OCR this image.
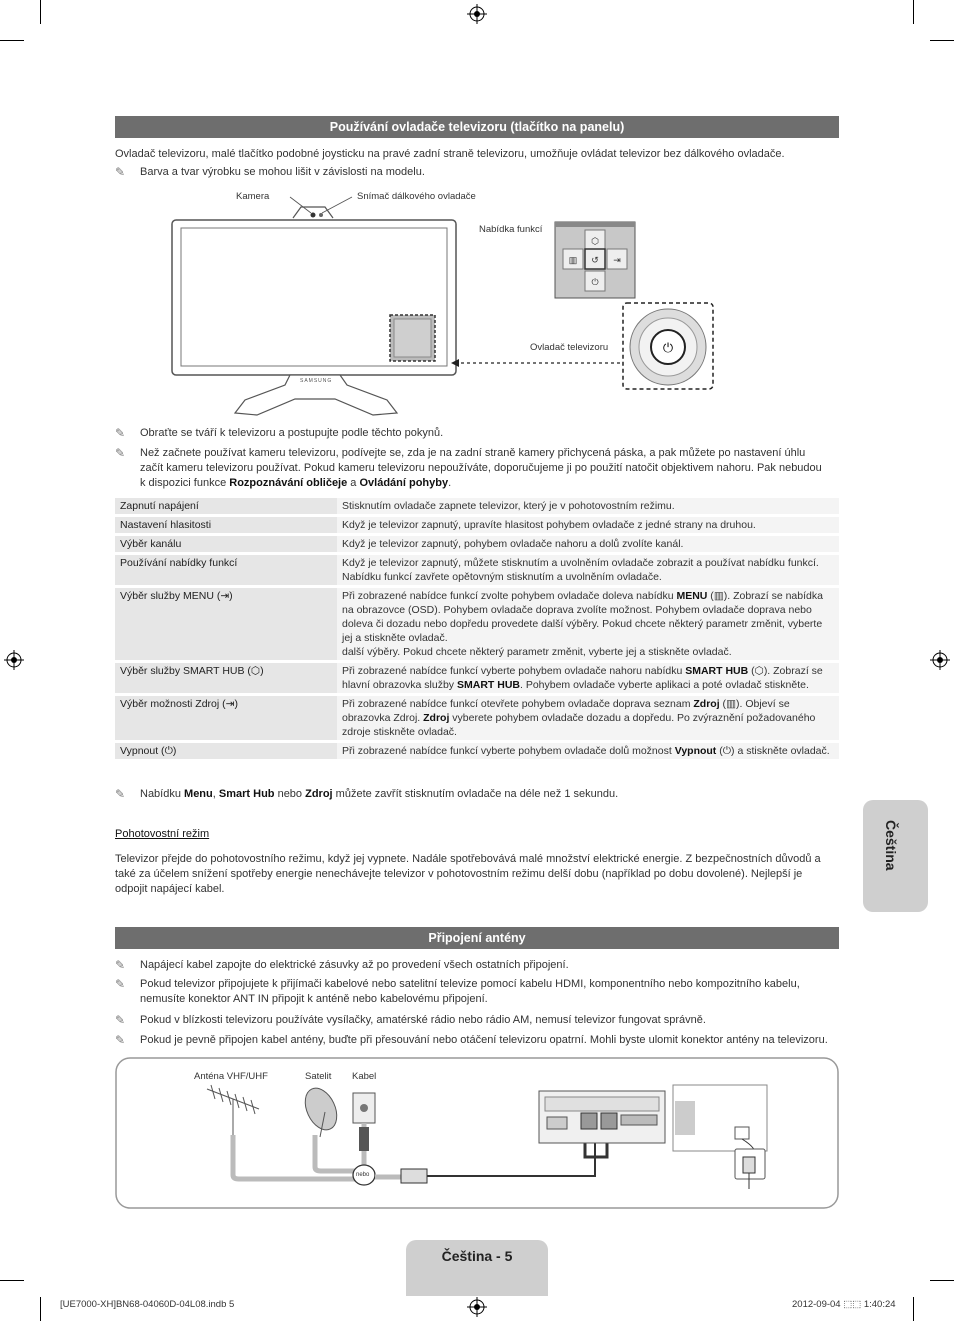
Používání ovladače televizoru (tlačítko na panelu)
Ovladač televizoru, malé tlačítko podobné joysticku na pravé zadní straně televizoru, umožňuje ovládat televizor bez dálkového ovladače.
✎	Barva a tvar výrobku se mohou lišit v závislosti na modelu.
⬡
▥ ↺ ⇥
⏻
⏻
Kamera	Snímač dálkového ovladače
Nabídka funkcí
Ovladač televizoru
SAMSUNG
✎	Obraťte se tváří k televizoru a postupujte podle těchto pokynů.
✎	Než začnete používat kameru televizoru, podívejte se, zda je na zadní straně kamery přichycená páska, a pak můžete po nastavení úhlu začít kameru televizoru používat. Pokud kameru televizoru nepoužíváte, doporučujeme ji po použití natočit objektivem nahoru. Pak nebudou k dispozici funkce Rozpoznávání obličeje a Ovládání pohyby.
Zapnutí napájení	Stisknutím ovladače zapnete televizor, který je v pohotovostním režimu.
Nastavení hlasitosti	Když je televizor zapnutý, upravíte hlasitost pohybem ovladače z jedné strany na druhou.
Výběr kanálu	Když je televizor zapnutý, pohybem ovladače nahoru a dolů zvolíte kanál.
Používání nabídky funkcí	Když je televizor zapnutý, můžete stisknutím a uvolněním ovladače zobrazit a používat nabídku funkcí. Nabídku funkcí zavřete opětovným stisknutím a uvolněním ovladače.
Výběr služby MENU (⇥)	Při zobrazené nabídce funkcí zvolte pohybem ovladače doleva nabídku MENU (▥). Zobrazí se nabídka na obrazovce (OSD). Pohybem ovladače doprava zvolíte možnost. Pohybem ovladače doprava nebo doleva či dozadu nebo dopředu provedete další výběry. Pokud chcete některý parametr změnit, vyberte jej a stiskněte ovladač.
další výběry. Pokud chcete některý parametr změnit, vyberte jej a stiskněte ovladač.
Výběr služby SMART HUB (⬡)	Při zobrazené nabídce funkcí vyberte pohybem ovladače nahoru nabídku SMART HUB (⬡). Zobrazí se hlavní obrazovka služby SMART HUB. Pohybem ovladače vyberte aplikaci a poté ovladač stiskněte.
Výběr možnosti Zdroj (⇥)	Při zobrazené nabídce funkcí otevřete pohybem ovladače doprava seznam Zdroj (▥). Objeví se obrazovka Zdroj. Zdroj vyberete pohybem ovladače dozadu a dopředu. Po zvýraznění požadovaného zdroje stiskněte ovladač.
Vypnout (⏻)	Při zobrazené nabídce funkcí vyberte pohybem ovladače dolů možnost Vypnout (⏻) a stiskněte ovladač.
✎	Nabídku Menu, Smart Hub nebo Zdroj můžete zavřít stisknutím ovladače na déle než 1 sekundu.
Pohotovostní režim
Televizor přejde do pohotovostního režimu, když jej vypnete. Nadále spotřebovává malé množství elektrické energie. Z bezpečnostních důvodů a také za účelem snížení spotřeby energie nenechávejte televizor v pohotovostním režimu delší dobu (například po dobu dovolené). Nejlepší je odpojit napájecí kabel.
Připojení antény
✎	Napájecí kabel zapojte do elektrické zásuvky až po provedení všech ostatních připojení.
✎	Pokud televizor připojujete k přijímači kabelové nebo satelitní televize pomocí kabelu HDMI, komponentního nebo kompozitního kabelu, nemusíte konektor ANT IN připojit k anténě nebo kabelovému připojení.
✎	Pokud v blízkosti televizoru používáte vysílačky, amatérské rádio nebo rádio AM, nemusí televizor fungovat správně.
✎	Pokud je pevně připojen kabel antény, buďte při přesouvání nebo otáčení televizoru opatrní. Mohli byste ulomit konektor antény na televizoru.
Anténa VHF/UHF	Satelit Kabel
nebo
Čeština
Čeština - 5
[UE7000-XH]BN68-04060D-04L08.indb 5	2012-09-04 ⬚⬚ 1:40:24
